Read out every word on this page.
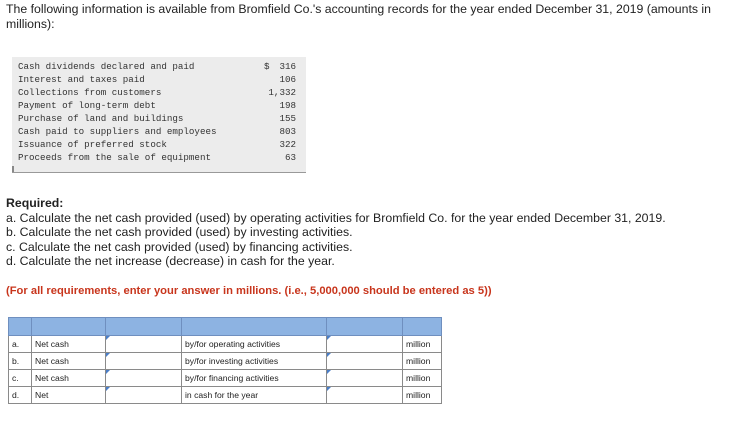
The following information is available from Bromfield Co.'s accounting records for the year ended December 31, 2019 (amounts in millions):
Cash dividends declared and paid	$ 316
Interest and taxes paid	106
Collections from customers	1,332
Payment of long-term debt	198
Purchase of land and buildings	155
Cash paid to suppliers and employees	803
Issuance of preferred stock	322
Proceeds from the sale of equipment	63
Required:
a. Calculate the net cash provided (used) by operating activities for Bromfield Co. for the year ended December 31, 2019.
b. Calculate the net cash provided (used) by investing activities.
c. Calculate the net cash provided (used) by financing activities.
d. Calculate the net increase (decrease) in cash for the year.
(For all requirements, enter your answer in millions. (i.e., 5,000,000 should be entered as 5))

a.	Net cash		by/for operating activities		million
b.	Net cash		by/for investing activities		million
c.	Net cash		by/for financing activities		million
d.	Net		in cash for the year		million
